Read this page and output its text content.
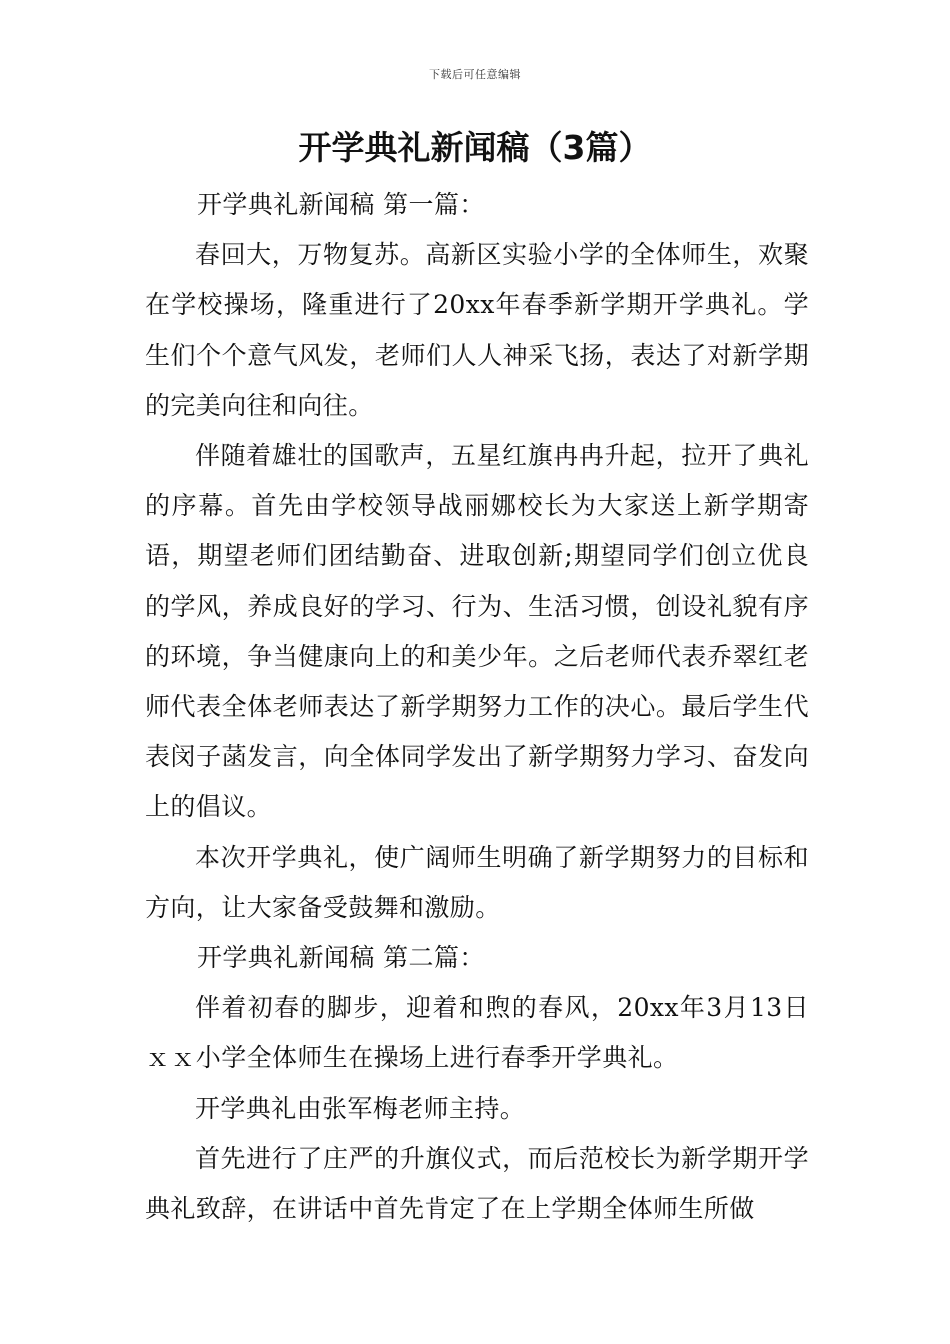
下载后可任意编辑
开学典礼新闻稿（3篇）

开学典礼新闻稿 第一篇：

春回大，万物复苏。高新区实验小学的全体师生，欢聚在学校操场，隆重进行了20xx年春季新学期开学典礼。学生们个个意气风发，老师们人人神采飞扬，表达了对新学期的完美向往和向往。

伴随着雄壮的国歌声，五星红旗冉冉升起，拉开了典礼的序幕。首先由学校领导战丽娜校长为大家送上新学期寄语，期望老师们团结勤奋、进取创新;期望同学们创立优良的学风，养成良好的学习、行为、生活习惯，创设礼貌有序的环境，争当健康向上的和美少年。之后老师代表乔翠红老师代表全体老师表达了新学期努力工作的决心。最后学生代表闵子菡发言，向全体同学发出了新学期努力学习、奋发向上的倡议。

本次开学典礼，使广阔师生明确了新学期努力的目标和方向，让大家备受鼓舞和激励。

开学典礼新闻稿 第二篇：

伴着初春的脚步，迎着和煦的春风，20xx年3月13日ｘｘ小学全体师生在操场上进行春季开学典礼。

开学典礼由张军梅老师主持。

首先进行了庄严的升旗仪式，而后范校长为新学期开学典礼致辞，在讲话中首先肯定了在上学期全体师生所做
